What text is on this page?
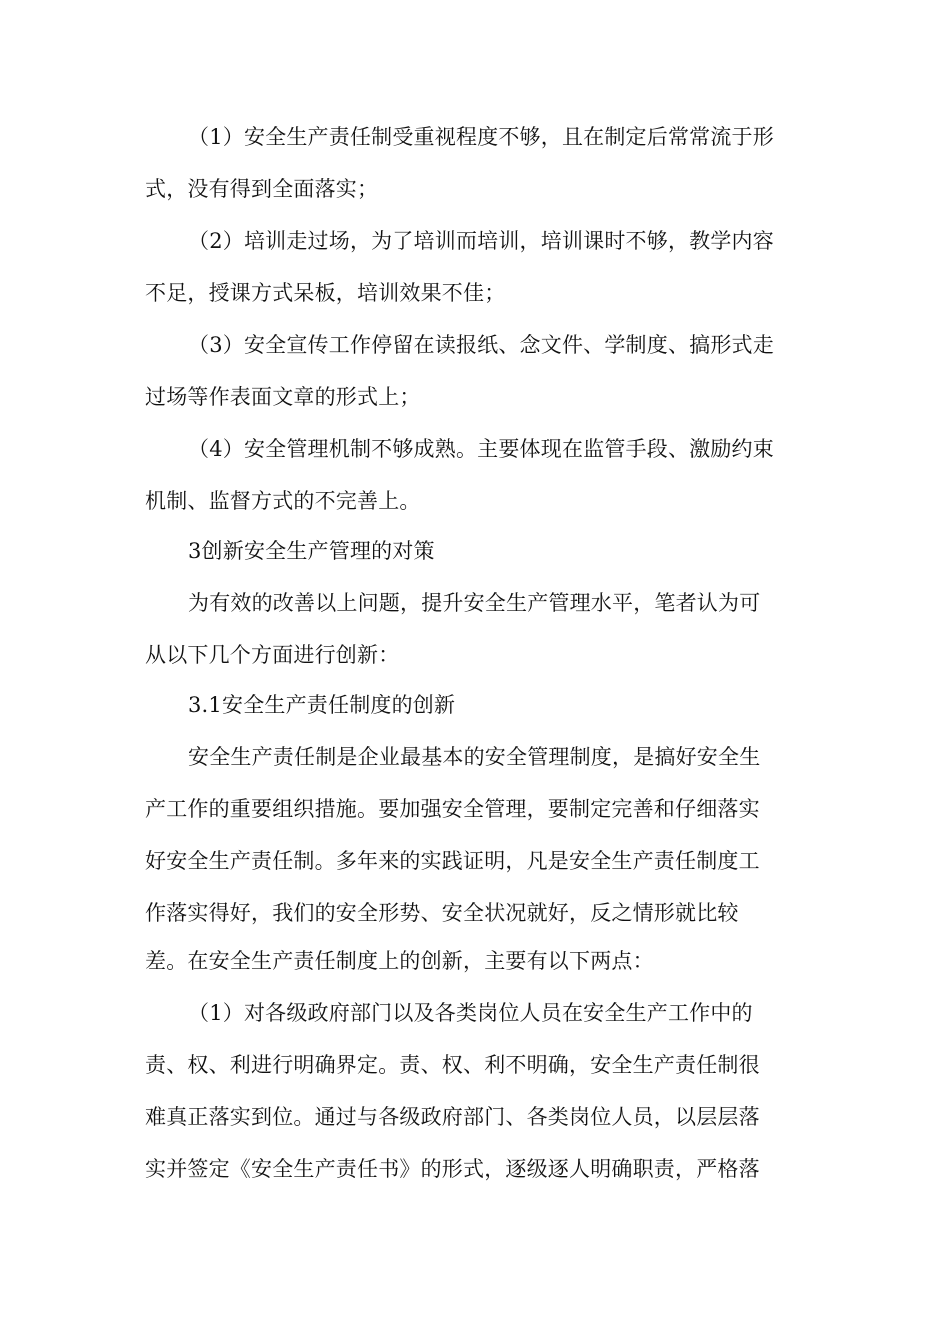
（1）安全生产责任制受重视程度不够，且在制定后常常流于形
式，没有得到全面落实；
（2）培训走过场，为了培训而培训，培训课时不够，教学内容
不足，授课方式呆板，培训效果不佳；
（3）安全宣传工作停留在读报纸、念文件、学制度、搞形式走
过场等作表面文章的形式上；
（4）安全管理机制不够成熟。主要体现在监管手段、激励约束
机制、监督方式的不完善上。
3创新安全生产管理的对策
为有效的改善以上问题，提升安全生产管理水平，笔者认为可
从以下几个方面进行创新：
3.1安全生产责任制度的创新
安全生产责任制是企业最基本的安全管理制度，是搞好安全生
产工作的重要组织措施。要加强安全管理，要制定完善和仔细落实
好安全生产责任制。多年来的实践证明，凡是安全生产责任制度工
作落实得好，我们的安全形势、安全状况就好，反之情形就比较
差。在安全生产责任制度上的创新，主要有以下两点：
（1）对各级政府部门以及各类岗位人员在安全生产工作中的
责、权、利进行明确界定。责、权、利不明确，安全生产责任制很
难真正落实到位。通过与各级政府部门、各类岗位人员，以层层落
实并签定《安全生产责任书》的形式，逐级逐人明确职责，严格落
